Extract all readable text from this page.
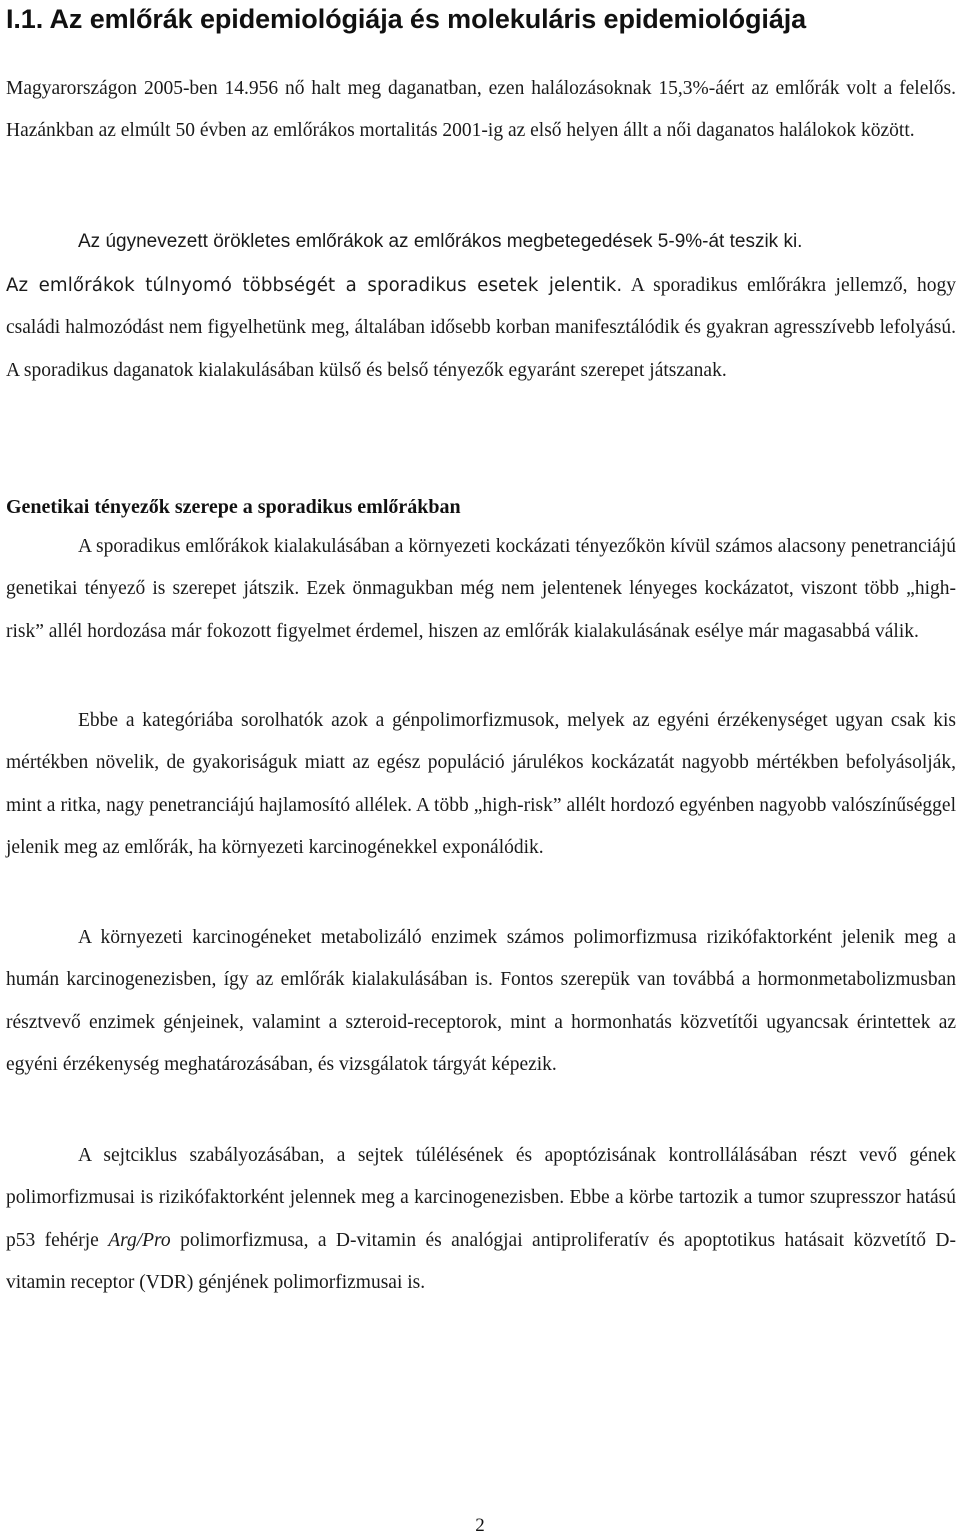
I.1. Az emlőrák epidemiológiája és molekuláris epidemiológiája

Magyarországon 2005-ben 14.956 nő halt meg daganatban, ezen halálozásoknak 15,3%-áért az emlőrák volt a felelős. Hazánkban az elmúlt 50 évben az emlőrákos mortalitás 2001-ig az első helyen állt a női daganatos halálokok között.

Az úgynevezett örökletes emlőrákok az emlőrákos megbetegedések 5-9%-át teszik ki.

Az emlőrákok túlnyomó többségét a sporadikus esetek jelentik. A sporadikus emlőrákra jellemző, hogy családi halmozódást nem figyelhetünk meg, általában idősebb korban manifesztálódik és gyakran agresszívebb lefolyású. A sporadikus daganatok kialakulásában külső és belső tényezők egyaránt szerepet játszanak.

Genetikai tényezők szerepe a sporadikus emlőrákban

A sporadikus emlőrákok kialakulásában a környezeti kockázati tényezőkön kívül számos alacsony penetranciájú genetikai tényező is szerepet játszik. Ezek önmagukban még nem jelentenek lényeges kockázatot, viszont több „high-risk” allél hordozása már fokozott figyelmet érdemel, hiszen az emlőrák kialakulásának esélye már magasabbá válik.

Ebbe a kategóriába sorolhatók azok a génpolimorfizmusok, melyek az egyéni érzékenységet ugyan csak kis mértékben növelik, de gyakoriságuk miatt az egész populáció járulékos kockázatát nagyobb mértékben befolyásolják, mint a ritka, nagy penetranciájú hajlamosító allélek. A több „high-risk” allélt hordozó egyénben nagyobb valószínűséggel jelenik meg az emlőrák, ha környezeti karcinogénekkel exponálódik.

A környezeti karcinogéneket metabolizáló enzimek számos polimorfizmusa rizikófaktorként jelenik meg a humán karcinogenezisben, így az emlőrák kialakulásában is. Fontos szerepük van továbbá a hormonmetabolizmusban résztvevő enzimek génjeinek, valamint a szteroid-receptorok, mint a hormonhatás közvetítői ugyancsak érintettek az egyéni érzékenység meghatározásában, és vizsgálatok tárgyát képezik.

A sejtciklus szabályozásában, a sejtek túlélésének és apoptózisának kontrollálásában részt vevő gének polimorfizmusai is rizikófaktorként jelennek meg a karcinogenezisben. Ebbe a körbe tartozik a tumor szupresszor hatású p53 fehérje Arg/Pro polimorfizmusa, a D-vitamin és analógjai antiproliferatív és apoptotikus hatásait közvetítő D-vitamin receptor (VDR) génjének polimorfizmusai is.

2
